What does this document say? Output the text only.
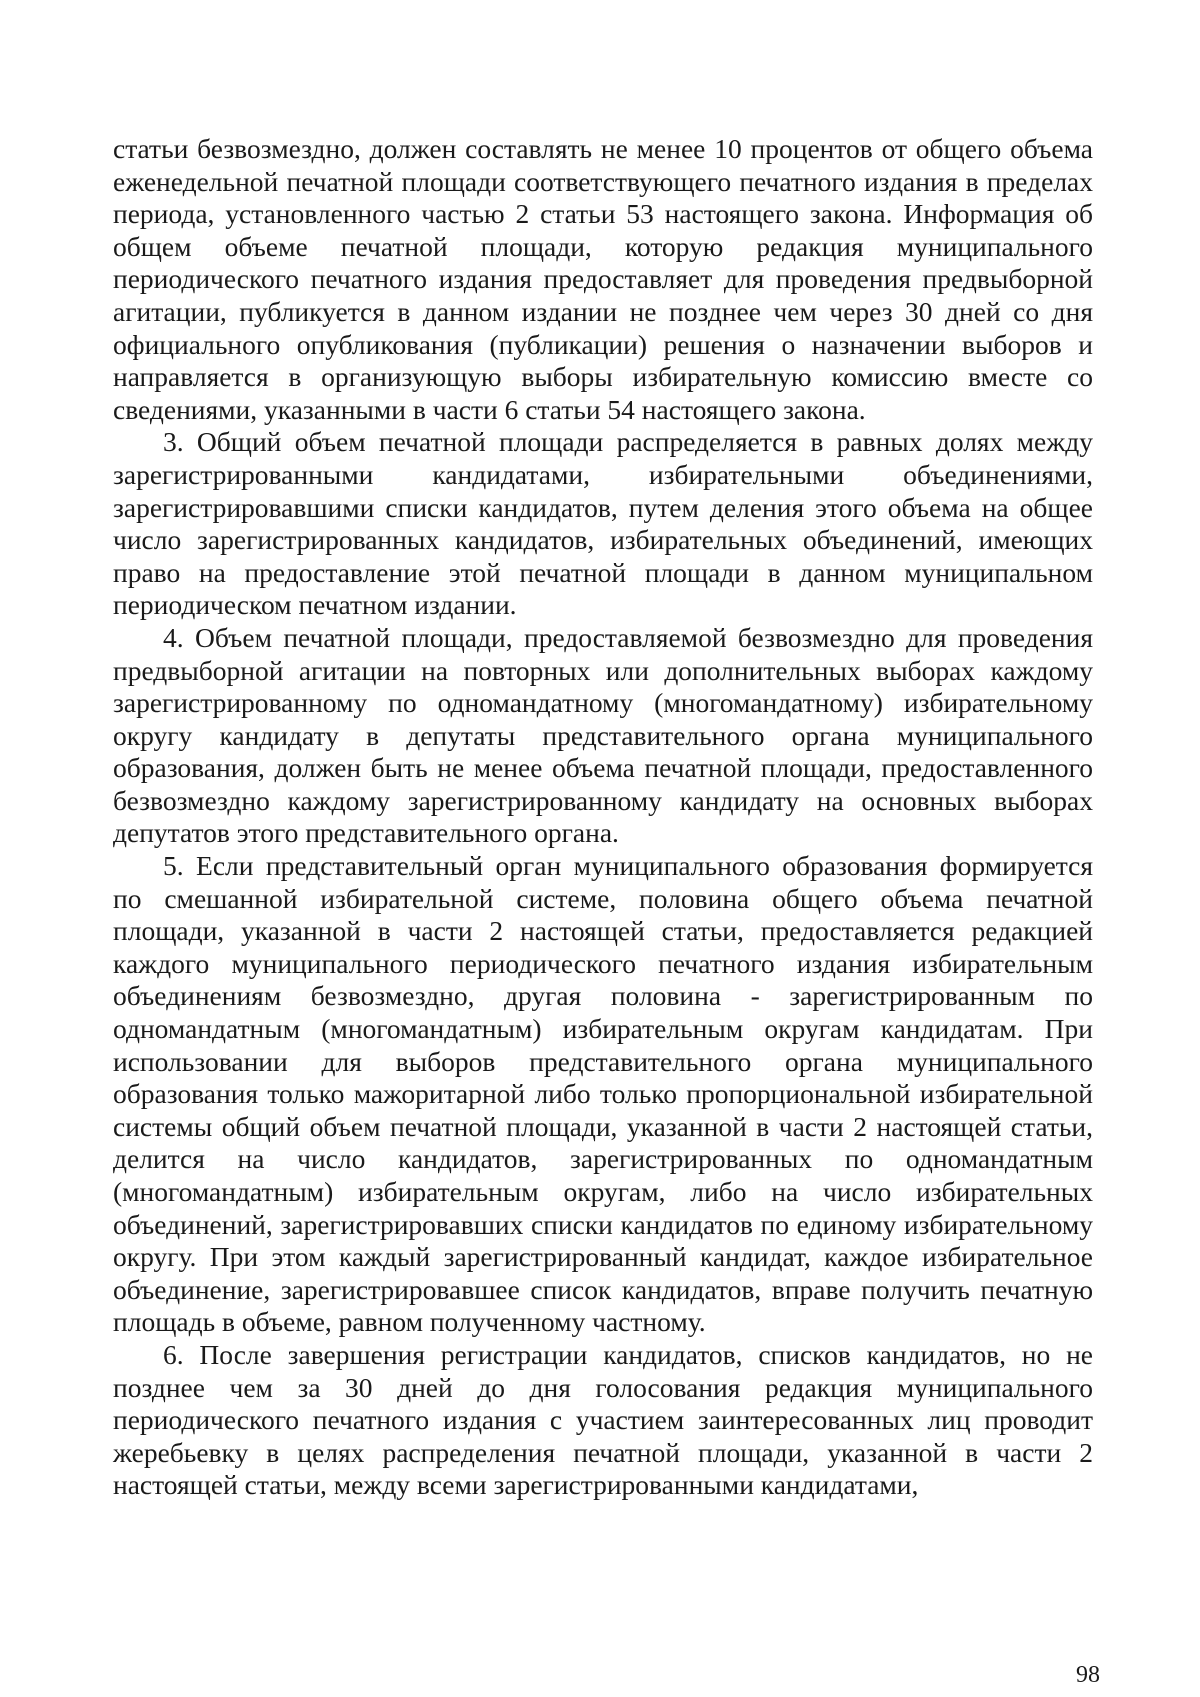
статьи безвозмездно, должен составлять не менее 10 процентов от общего объема еженедельной печатной площади соответствующего печатного издания в пределах периода, установленного частью 2 статьи 53 настоящего закона. Информация об общем объеме печатной площади, которую редакция муниципального периодического печатного издания предоставляет для проведения предвыборной агитации, публикуется в данном издании не позднее чем через 30 дней со дня официального опубликования (публикации) решения о назначении выборов и направляется в организующую выборы избирательную комиссию вместе со сведениями, указанными в части 6 статьи 54 настоящего закона.

3. Общий объем печатной площади распределяется в равных долях между зарегистрированными кандидатами, избирательными объединениями, зарегистрировавшими списки кандидатов, путем деления этого объема на общее число зарегистрированных кандидатов, избирательных объединений, имеющих право на предоставление этой печатной площади в данном муниципальном периодическом печатном издании.

4. Объем печатной площади, предоставляемой безвозмездно для проведения предвыборной агитации на повторных или дополнительных выборах каждому зарегистрированному по одномандатному (многомандатному) избирательному округу кандидату в депутаты представительного органа муниципального образования, должен быть не менее объема печатной площади, предоставленного безвозмездно каждому зарегистрированному кандидату на основных выборах депутатов этого представительного органа.

5. Если представительный орган муниципального образования формируется по смешанной избирательной системе, половина общего объема печатной площади, указанной в части 2 настоящей статьи, предоставляется редакцией каждого муниципального периодического печатного издания избирательным объединениям безвозмездно, другая половина - зарегистрированным по одномандатным (многомандатным) избирательным округам кандидатам. При использовании для выборов представительного органа муниципального образования только мажоритарной либо только пропорциональной избирательной системы общий объем печатной площади, указанной в части 2 настоящей статьи, делится на число кандидатов, зарегистрированных по одномандатным (многомандатным) избирательным округам, либо на число избирательных объединений, зарегистрировавших списки кандидатов по единому избирательному округу. При этом каждый зарегистрированный кандидат, каждое избирательное объединение, зарегистрировавшее список кандидатов, вправе получить печатную площадь в объеме, равном полученному частному.

6. После завершения регистрации кандидатов, списков кандидатов, но не позднее чем за 30 дней до дня голосования редакция муниципального периодического печатного издания с участием заинтересованных лиц проводит жеребьевку в целях распределения печатной площади, указанной в части 2 настоящей статьи, между всеми зарегистрированными кандидатами,

98
